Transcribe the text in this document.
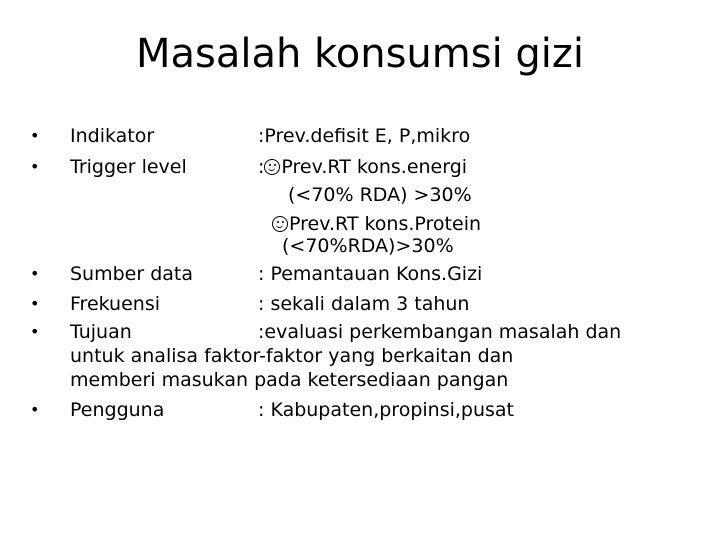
Masalah konsumsi gizi
• Indikator	:Prev.defisit E, P,mikro
• Trigger level	: Prev.RT kons.energi
(<70% RDA) >30%
Prev.RT kons.Protein
(<70%RDA)>30%
• Sumber data	: Pemantauan Kons.Gizi
• Frekuensi	: sekali dalam 3 tahun
• Tujuan	:evaluasi perkembangan masalah dan
untuk analisa faktor-faktor yang berkaitan dan
memberi masukan pada ketersediaan pangan
• Pengguna	: Kabupaten,propinsi,pusat
